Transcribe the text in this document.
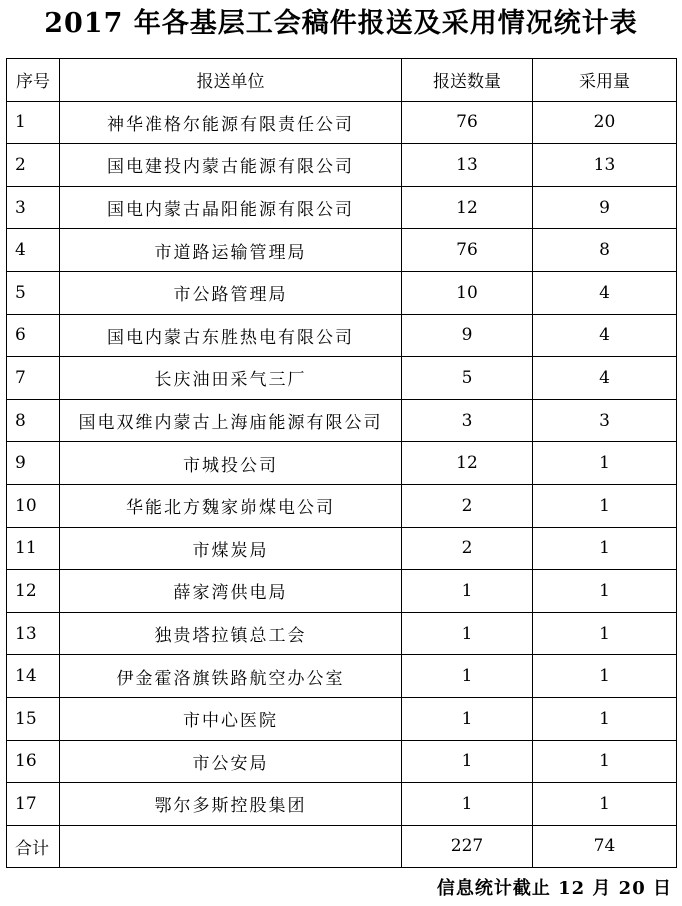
2017 年各基层工会稿件报送及采用情况统计表
序号	报送单位	报送数量	采用量
1	神华准格尔能源有限责任公司	76	20
2	国电建投内蒙古能源有限公司	13	13
3	国电内蒙古晶阳能源有限公司	12	9
4	市道路运输管理局	76	8
5	市公路管理局	10	4
6	国电内蒙古东胜热电有限公司	9	4
7	长庆油田采气三厂	5	4
8	国电双维内蒙古上海庙能源有限公司	3	3
9	市城投公司	12	1
10	华能北方魏家峁煤电公司	2	1
11	市煤炭局	2	1
12	薛家湾供电局	1	1
13	独贵塔拉镇总工会	1	1
14	伊金霍洛旗铁路航空办公室	1	1
15	市中心医院	1	1
16	市公安局	1	1
17	鄂尔多斯控股集团	1	1
合计		227	74
信息统计截止 12 月 20 日
